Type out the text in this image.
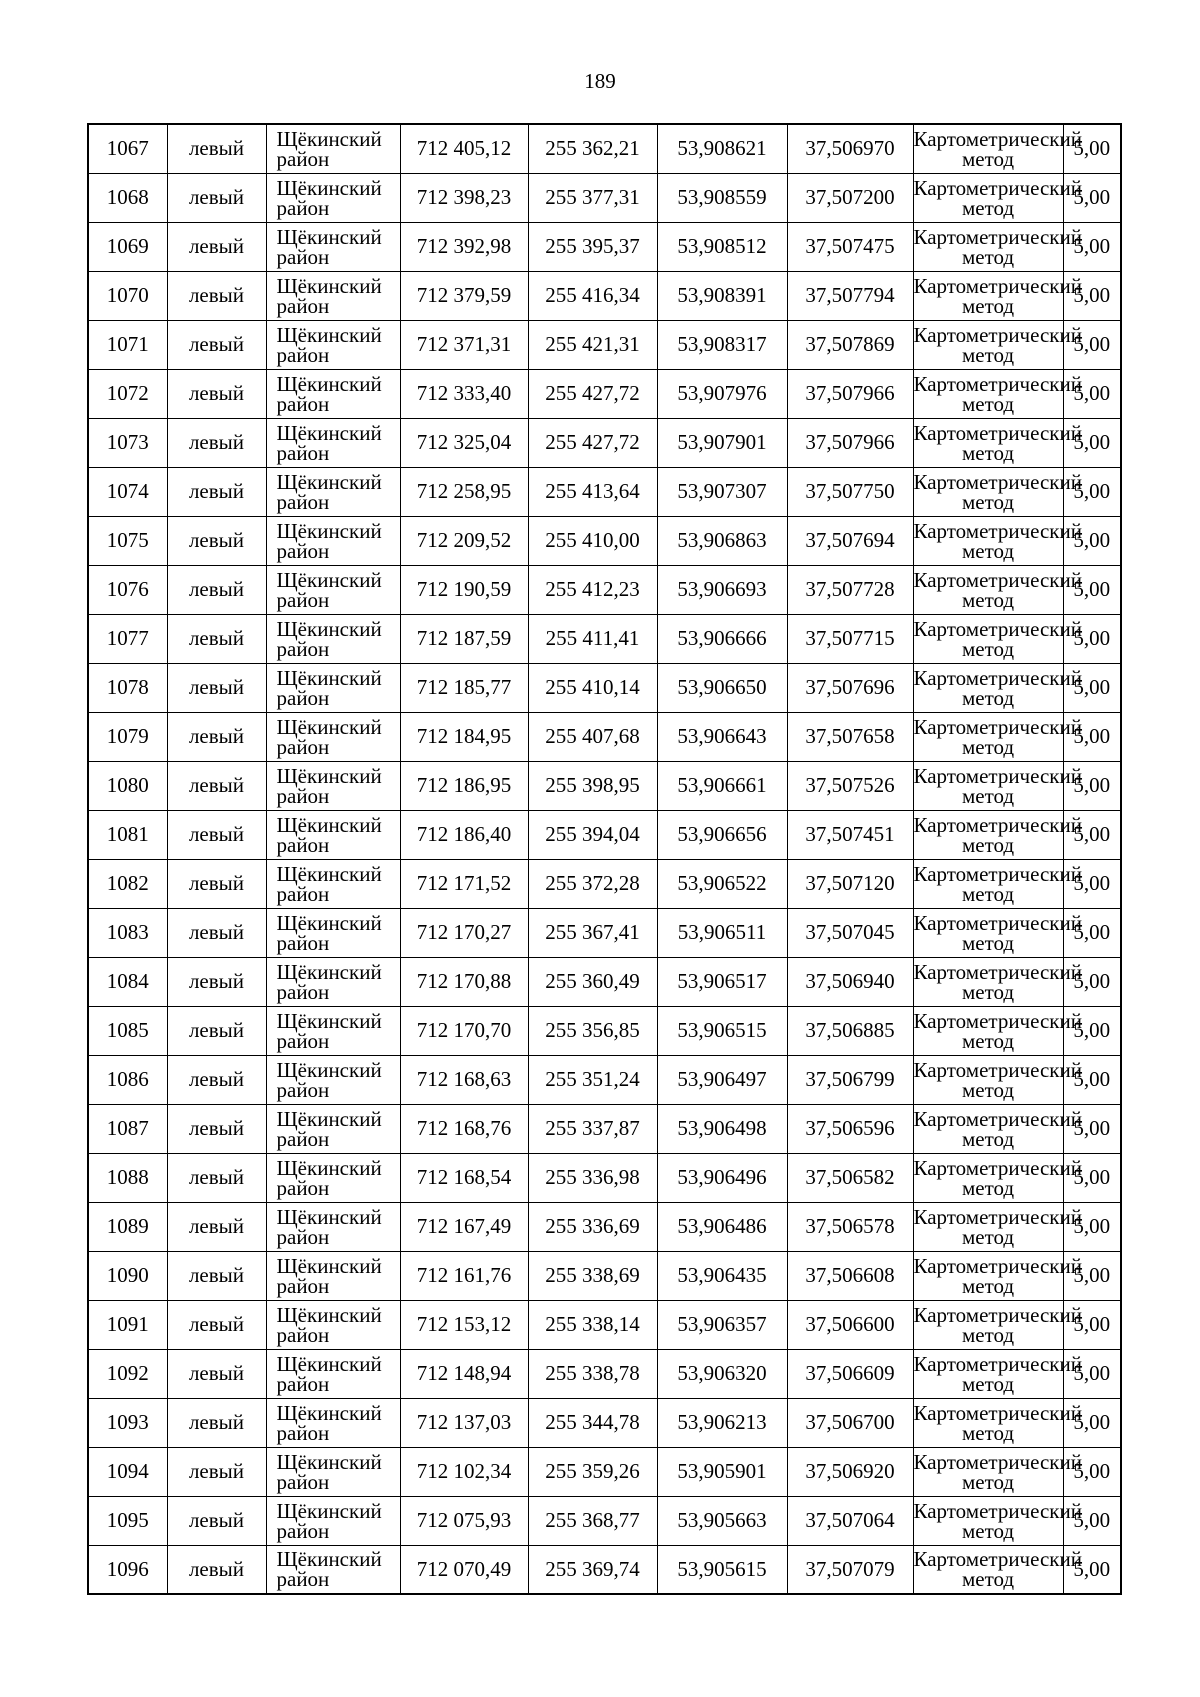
189
1067	левый	Щёкинский район	712 405,12	255 362,21	53,908621	37,506970	Картометрический метод	5,00
1068	левый	Щёкинский район	712 398,23	255 377,31	53,908559	37,507200	Картометрический метод	5,00
1069	левый	Щёкинский район	712 392,98	255 395,37	53,908512	37,507475	Картометрический метод	5,00
1070	левый	Щёкинский район	712 379,59	255 416,34	53,908391	37,507794	Картометрический метод	5,00
1071	левый	Щёкинский район	712 371,31	255 421,31	53,908317	37,507869	Картометрический метод	5,00
1072	левый	Щёкинский район	712 333,40	255 427,72	53,907976	37,507966	Картометрический метод	5,00
1073	левый	Щёкинский район	712 325,04	255 427,72	53,907901	37,507966	Картометрический метод	5,00
1074	левый	Щёкинский район	712 258,95	255 413,64	53,907307	37,507750	Картометрический метод	5,00
1075	левый	Щёкинский район	712 209,52	255 410,00	53,906863	37,507694	Картометрический метод	5,00
1076	левый	Щёкинский район	712 190,59	255 412,23	53,906693	37,507728	Картометрический метод	5,00
1077	левый	Щёкинский район	712 187,59	255 411,41	53,906666	37,507715	Картометрический метод	5,00
1078	левый	Щёкинский район	712 185,77	255 410,14	53,906650	37,507696	Картометрический метод	5,00
1079	левый	Щёкинский район	712 184,95	255 407,68	53,906643	37,507658	Картометрический метод	5,00
1080	левый	Щёкинский район	712 186,95	255 398,95	53,906661	37,507526	Картометрический метод	5,00
1081	левый	Щёкинский район	712 186,40	255 394,04	53,906656	37,507451	Картометрический метод	5,00
1082	левый	Щёкинский район	712 171,52	255 372,28	53,906522	37,507120	Картометрический метод	5,00
1083	левый	Щёкинский район	712 170,27	255 367,41	53,906511	37,507045	Картометрический метод	5,00
1084	левый	Щёкинский район	712 170,88	255 360,49	53,906517	37,506940	Картометрический метод	5,00
1085	левый	Щёкинский район	712 170,70	255 356,85	53,906515	37,506885	Картометрический метод	5,00
1086	левый	Щёкинский район	712 168,63	255 351,24	53,906497	37,506799	Картометрический метод	5,00
1087	левый	Щёкинский район	712 168,76	255 337,87	53,906498	37,506596	Картометрический метод	5,00
1088	левый	Щёкинский район	712 168,54	255 336,98	53,906496	37,506582	Картометрический метод	5,00
1089	левый	Щёкинский район	712 167,49	255 336,69	53,906486	37,506578	Картометрический метод	5,00
1090	левый	Щёкинский район	712 161,76	255 338,69	53,906435	37,506608	Картометрический метод	5,00
1091	левый	Щёкинский район	712 153,12	255 338,14	53,906357	37,506600	Картометрический метод	5,00
1092	левый	Щёкинский район	712 148,94	255 338,78	53,906320	37,506609	Картометрический метод	5,00
1093	левый	Щёкинский район	712 137,03	255 344,78	53,906213	37,506700	Картометрический метод	5,00
1094	левый	Щёкинский район	712 102,34	255 359,26	53,905901	37,506920	Картометрический метод	5,00
1095	левый	Щёкинский район	712 075,93	255 368,77	53,905663	37,507064	Картометрический метод	5,00
1096	левый	Щёкинский район	712 070,49	255 369,74	53,905615	37,507079	Картометрический метод	5,00
